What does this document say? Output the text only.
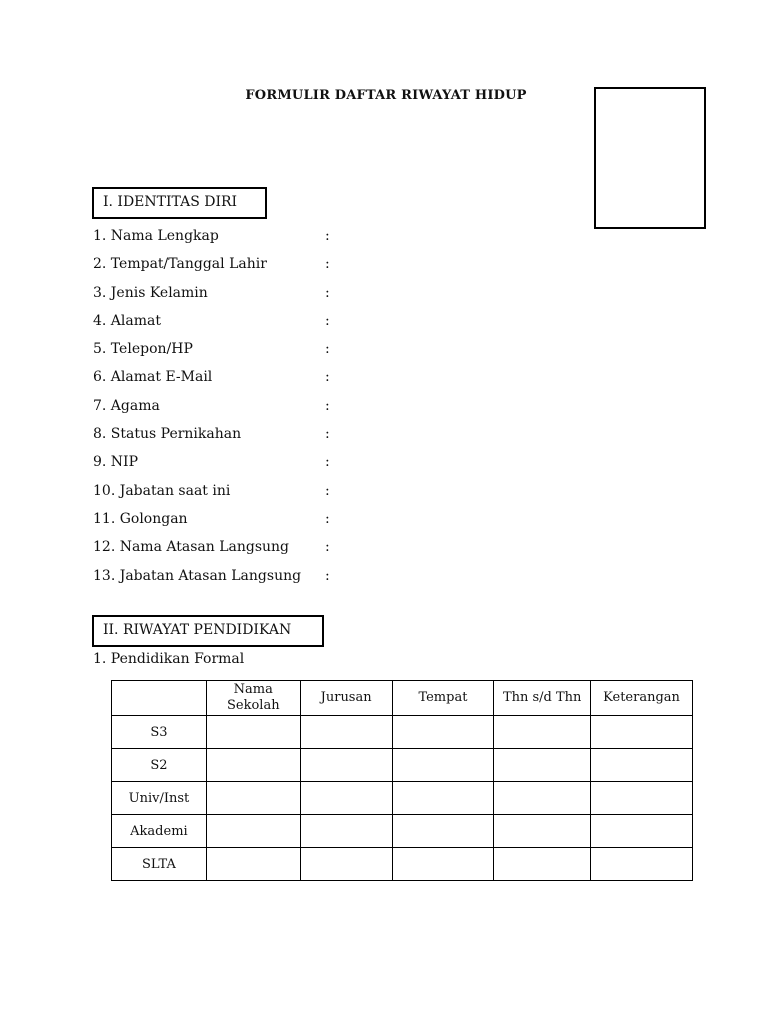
FORMULIR DAFTAR RIWAYAT HIDUP
I. IDENTITAS DIRI
1. Nama Lengkap	:
2. Tempat/Tanggal Lahir	:
3. Jenis Kelamin	:
4. Alamat	:
5. Telepon/HP	:
6. Alamat E-Mail	:
7. Agama	:
8. Status Pernikahan	:
9. NIP	:
10. Jabatan saat ini	:
11. Golongan	:
12. Nama Atasan Langsung	:
13. Jabatan Atasan Langsung :
II. RIWAYAT PENDIDIKAN
1. Pendidikan Formal
	Nama Sekolah	Jurusan	Tempat	Thn s/d Thn	Keterangan
S3					
S2					
Univ/Inst					
Akademi					
SLTA					
